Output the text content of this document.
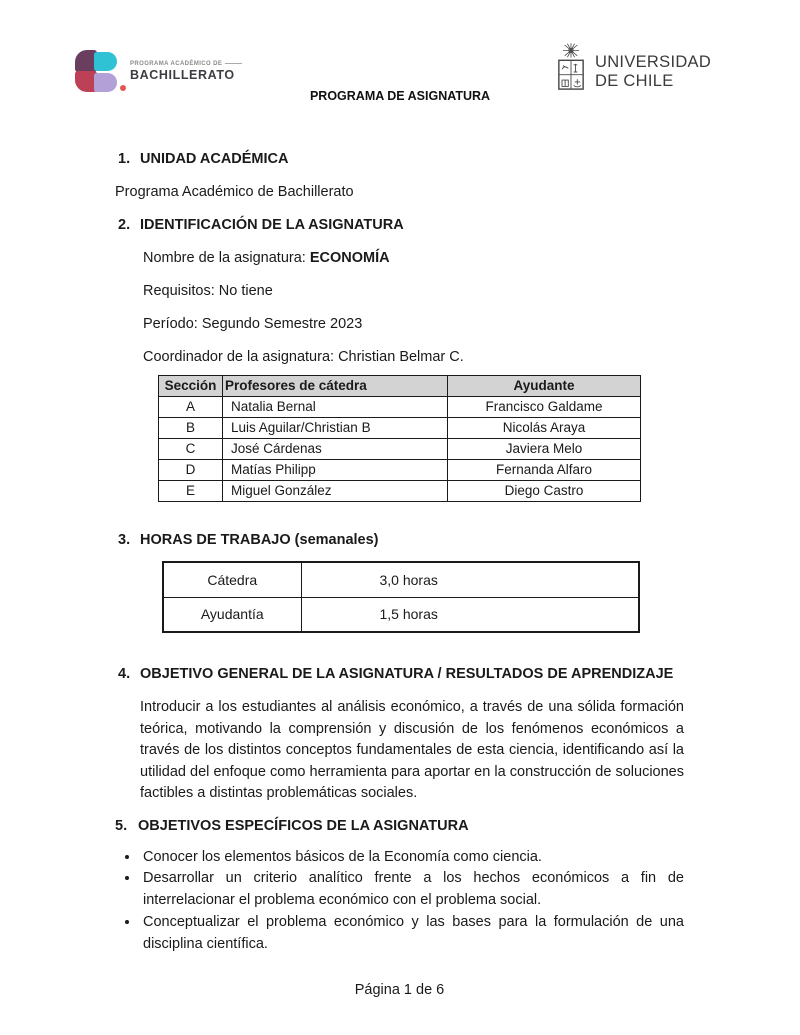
PROGRAMA ACADÉMICO DE
BACHILLERATO
PROGRAMA DE ASIGNATURA
UNIVERSIDAD
DE CHILE
1. UNIDAD ACADÉMICA
Programa Académico de Bachillerato
2. IDENTIFICACIÓN DE LA ASIGNATURA
Nombre de la asignatura: ECONOMÍA
Requisitos: No tiene
Período: Segundo Semestre 2023
Coordinador de la asignatura: Christian Belmar C.
Sección	Profesores de cátedra	Ayudante
A	Natalia Bernal	Francisco Galdame
B	Luis Aguilar/Christian B	Nicolás Araya
C	José Cárdenas	Javiera Melo
D	Matías Philipp	Fernanda Alfaro
E	Miguel González	Diego Castro
3. HORAS DE TRABAJO (semanales)
Cátedra	3,0 horas
Ayudantía	1,5 horas
4. OBJETIVO GENERAL DE LA ASIGNATURA / RESULTADOS DE APRENDIZAJE
Introducir a los estudiantes al análisis económico, a través de una sólida formación teórica, motivando la comprensión y discusión de los fenómenos económicos a través de los distintos conceptos fundamentales de esta ciencia, identificando así la utilidad del enfoque como herramienta para aportar en la construcción de soluciones factibles a distintas problemáticas sociales.
5. OBJETIVOS ESPECÍFICOS DE LA ASIGNATURA
• Conocer los elementos básicos de la Economía como ciencia.
• Desarrollar un criterio analítico frente a los hechos económicos a fin de interrelacionar el problema económico con el problema social.
• Conceptualizar el problema económico y las bases para la formulación de una disciplina científica.
Página 1 de 6
